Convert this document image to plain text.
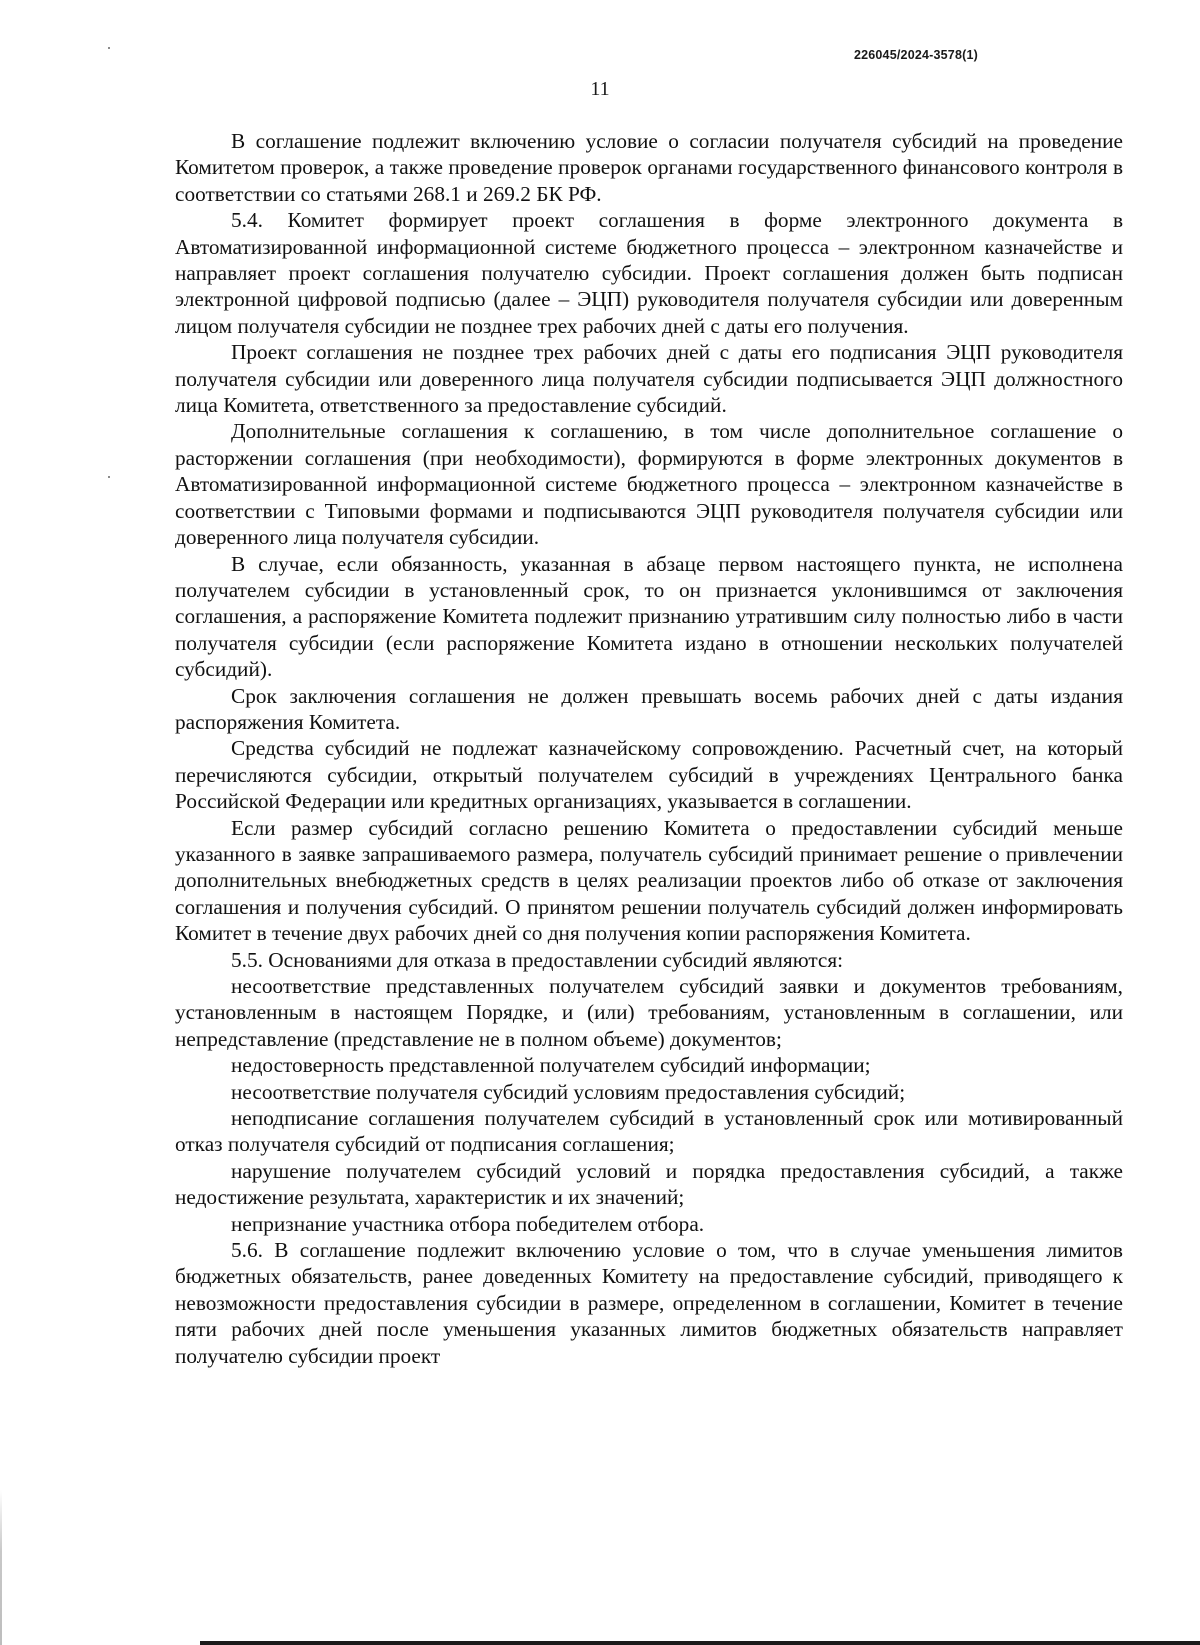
226045/2024-3578(1)
11

В соглашение подлежит включению условие о согласии получателя субсидий на проведение Комитетом проверок, а также проведение проверок органами государственного финансового контроля в соответствии со статьями 268.1 и 269.2 БК РФ.

5.4. Комитет формирует проект соглашения в форме электронного документа в Автоматизированной информационной системе бюджетного процесса – электронном казначействе и направляет проект соглашения получателю субсидии. Проект соглашения должен быть подписан электронной цифровой подписью (далее – ЭЦП) руководителя получателя субсидии или доверенным лицом получателя субсидии не позднее трех рабочих дней с даты его получения.

Проект соглашения не позднее трех рабочих дней с даты его подписания ЭЦП руководителя получателя субсидии или доверенного лица получателя субсидии подписывается ЭЦП должностного лица Комитета, ответственного за предоставление субсидий.

Дополнительные соглашения к соглашению, в том числе дополнительное соглашение о расторжении соглашения (при необходимости), формируются в форме электронных документов в Автоматизированной информационной системе бюджетного процесса – электронном казначействе в соответствии с Типовыми формами и подписываются ЭЦП руководителя получателя субсидии или доверенного лица получателя субсидии.

В случае, если обязанность, указанная в абзаце первом настоящего пункта, не исполнена получателем субсидии в установленный срок, то он признается уклонившимся от заключения соглашения, а распоряжение Комитета подлежит признанию утратившим силу полностью либо в части получателя субсидии (если распоряжение Комитета издано в отношении нескольких получателей субсидий).

Срок заключения соглашения не должен превышать восемь рабочих дней с даты издания распоряжения Комитета.

Средства субсидий не подлежат казначейскому сопровождению. Расчетный счет, на который перечисляются субсидии, открытый получателем субсидий в учреждениях Центрального банка Российской Федерации или кредитных организациях, указывается в соглашении.

Если размер субсидий согласно решению Комитета о предоставлении субсидий меньше указанного в заявке запрашиваемого размера, получатель субсидий принимает решение о привлечении дополнительных внебюджетных средств в целях реализации проектов либо об отказе от заключения соглашения и получения субсидий. О принятом решении получатель субсидий должен информировать Комитет в течение двух рабочих дней со дня получения копии распоряжения Комитета.

5.5. Основаниями для отказа в предоставлении субсидий являются:

несоответствие представленных получателем субсидий заявки и документов требованиям, установленным в настоящем Порядке, и (или) требованиям, установленным в соглашении, или непредставление (представление не в полном объеме) документов;

недостоверность представленной получателем субсидий информации;

несоответствие получателя субсидий условиям предоставления субсидий;

неподписание соглашения получателем субсидий в установленный срок или мотивированный отказ получателя субсидий от подписания соглашения;

нарушение получателем субсидий условий и порядка предоставления субсидий, а также недостижение результата, характеристик и их значений;

непризнание участника отбора победителем отбора.

5.6. В соглашение подлежит включению условие о том, что в случае уменьшения лимитов бюджетных обязательств, ранее доведенных Комитету на предоставление субсидий, приводящего к невозможности предоставления субсидии в размере, определенном в соглашении, Комитет в течение пяти рабочих дней после уменьшения указанных лимитов бюджетных обязательств направляет получателю субсидии проект
